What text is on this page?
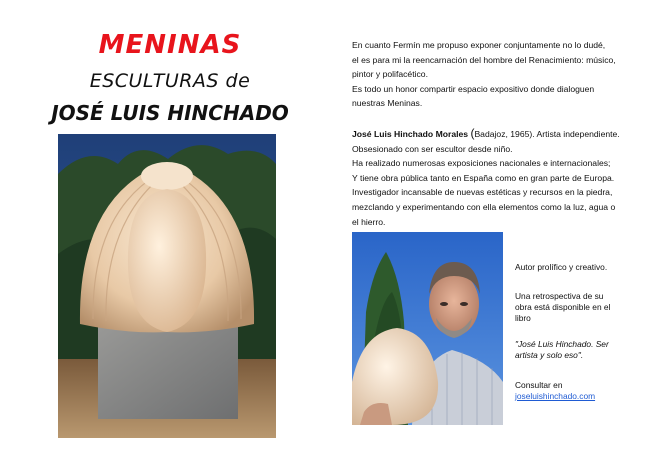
MENINAS
ESCULTURAS de
JOSÉ LUIS HINCHADO
En cuanto Fermín me propuso exponer conjuntamente no lo dudé,
el es para mi la reencarnación del hombre del Renacimiento: músico,
pintor y polifacético.
Es todo un honor compartir espacio expositivo donde dialoguen
nuestras Meninas.
José Luis Hinchado Morales (Badajoz, 1965). Artista independiente.
Obsesionado con ser escultor desde niño.
Ha realizado numerosas exposiciones nacionales e internacionales;
Y tiene obra pública tanto en España como en gran parte de Europa.
Investigador incansable de nuevas estéticas y recursos en la piedra,
mezclando y experimentando con ella elementos como la luz, agua o
el hierro.
Autor prolífico y creativo.
Una retrospectiva de su
obra está disponible en el
libro
"José Luis Hinchado. Ser
artista y solo eso".
Consultar en
joseluishinchado.com
